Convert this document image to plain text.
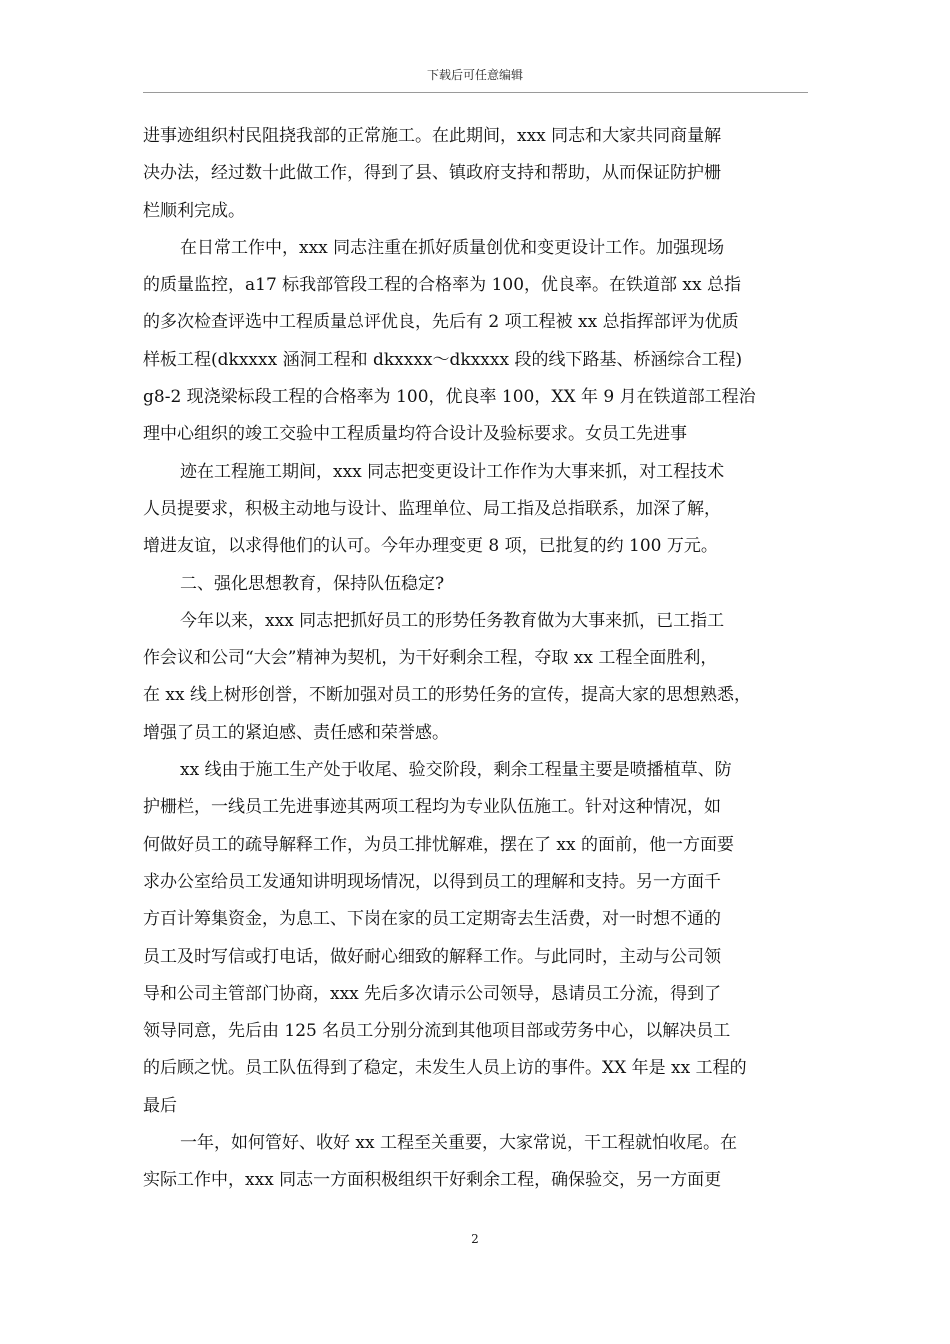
下载后可任意编辑
进事迹组织村民阻挠我部的正常施工。在此期间，xxx 同志和大家共同商量解
决办法，经过数十此做工作，得到了县、镇政府支持和帮助，从而保证防护栅
栏顺利完成。
在日常工作中，xxx 同志注重在抓好质量创优和变更设计工作。加强现场
的质量监控，a17 标我部管段工程的合格率为 100，优良率。在铁道部 xx 总指
的多次检查评选中工程质量总评优良，先后有 2 项工程被 xx 总指挥部评为优质
样板工程(dkxxxx 涵洞工程和 dkxxxx～dkxxxx 段的线下路基、桥涵综合工程)
g8-2 现浇梁标段工程的合格率为 100，优良率 100，XX 年 9 月在铁道部工程治
理中心组织的竣工交验中工程质量均符合设计及验标要求。女员工先进事
迹在工程施工期间，xxx 同志把变更设计工作作为大事来抓，对工程技术
人员提要求，积极主动地与设计、监理单位、局工指及总指联系，加深了解，
增进友谊，以求得他们的认可。今年办理变更 8 项，已批复的约 100 万元。
二、强化思想教育，保持队伍稳定?
今年以来，xxx 同志把抓好员工的形势任务教育做为大事来抓，已工指工
作会议和公司“大会”精神为契机，为干好剩余工程，夺取 xx 工程全面胜利，
在 xx 线上树形创誉，不断加强对员工的形势任务的宣传，提高大家的思想熟悉，
增强了员工的紧迫感、责任感和荣誉感。
xx 线由于施工生产处于收尾、验交阶段，剩余工程量主要是喷播植草、防
护栅栏，一线员工先进事迹其两项工程均为专业队伍施工。针对这种情况，如
何做好员工的疏导解释工作，为员工排忧解难，摆在了 xx 的面前，他一方面要
求办公室给员工发通知讲明现场情况，以得到员工的理解和支持。另一方面千
方百计筹集资金，为息工、下岗在家的员工定期寄去生活费，对一时想不通的
员工及时写信或打电话，做好耐心细致的解释工作。与此同时，主动与公司领
导和公司主管部门协商，xxx 先后多次请示公司领导，恳请员工分流，得到了
领导同意，先后由 125 名员工分别分流到其他项目部或劳务中心，以解决员工
的后顾之忧。员工队伍得到了稳定，未发生人员上访的事件。XX 年是 xx 工程的
最后
一年，如何管好、收好 xx 工程至关重要，大家常说，干工程就怕收尾。在
实际工作中，xxx 同志一方面积极组织干好剩余工程，确保验交，另一方面更
2
